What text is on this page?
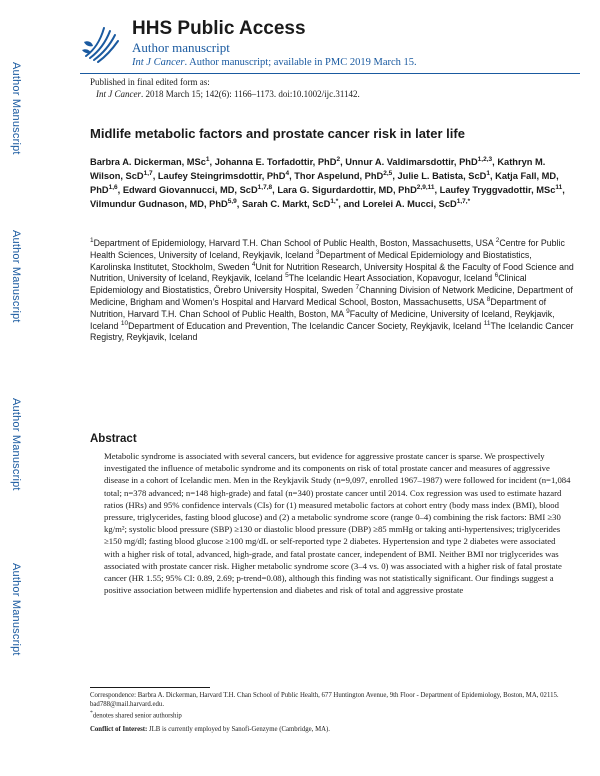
Author Manuscript
Author Manuscript
Author Manuscript
Author Manuscript
HHS Public Access
Author manuscript
Int J Cancer. Author manuscript; available in PMC 2019 March 15.
Published in final edited form as:
Int J Cancer. 2018 March 15; 142(6): 1166–1173. doi:10.1002/ijc.31142.
Midlife metabolic factors and prostate cancer risk in later life
Barbra A. Dickerman, MSc$^1$, Johanna E. Torfadottir, PhD$^2$, Unnur A. Valdimarsdottir, PhD$^{1,2,3}$, Kathryn M. Wilson, ScD$^{1,7}$, Laufey Steingrimsdottir, PhD$^4$, Thor Aspelund, PhD$^{2,5}$, Julie L. Batista, ScD$^1$, Katja Fall, MD, PhD$^{1,6}$, Edward Giovannucci, MD, ScD$^{1,7,8}$, Lara G. Sigurdardottir, MD, PhD$^{2,9,11}$, Laufey Tryggvadottir, MSc$^{11}$, Vilmundur Gudnason, MD, PhD$^{5,9}$, Sarah C. Markt, ScD$^{1,*}$, and Lorelei A. Mucci, ScD$^{1,7,*}$
$^1$Department of Epidemiology, Harvard T.H. Chan School of Public Health, Boston, Massachusetts, USA $^2$Centre for Public Health Sciences, University of Iceland, Reykjavik, Iceland $^3$Department of Medical Epidemiology and Biostatistics, Karolinska Institutet, Stockholm, Sweden $^4$Unit for Nutrition Research, University Hospital & the Faculty of Food Science and Nutrition, University of Iceland, Reykjavik, Iceland $^5$The Icelandic Heart Association, Kopavogur, Iceland $^6$Clinical Epidemiology and Biostatistics, Örebro University Hospital, Sweden $^7$Channing Division of Network Medicine, Department of Medicine, Brigham and Women’s Hospital and Harvard Medical School, Boston, Massachusetts, USA $^8$Department of Nutrition, Harvard T.H. Chan School of Public Health, Boston, MA $^9$Faculty of Medicine, University of Iceland, Reykjavik, Iceland $^{10}$Department of Education and Prevention, The Icelandic Cancer Society, Reykjavik, Iceland $^{11}$The Icelandic Cancer Registry, Reykjavik, Iceland
Abstract
Metabolic syndrome is associated with several cancers, but evidence for aggressive prostate cancer is sparse. We prospectively investigated the influence of metabolic syndrome and its components on risk of total prostate cancer and measures of aggressive disease in a cohort of Icelandic men. Men in the Reykjavik Study (n=9,097, enrolled 1967–1987) were followed for incident (n=1,084 total; n=378 advanced; n=148 high-grade) and fatal (n=340) prostate cancer until 2014. Cox regression was used to estimate hazard ratios (HRs) and 95% confidence intervals (CIs) for (1) measured metabolic factors at cohort entry (body mass index (BMI), blood pressure, triglycerides, fasting blood glucose) and (2) a metabolic syndrome score (range 0–4) combining the risk factors: BMI ≥30 kg/m²; systolic blood pressure (SBP) ≥130 or diastolic blood pressure (DBP) ≥85 mmHg or taking anti-hypertensives; triglycerides ≥150 mg/dl; fasting blood glucose ≥100 mg/dL or self-reported type 2 diabetes. Hypertension and type 2 diabetes were associated with a higher risk of total, advanced, high-grade, and fatal prostate cancer, independent of BMI. Neither BMI nor triglycerides was associated with prostate cancer risk. Higher metabolic syndrome score (3–4 vs. 0) was associated with a higher risk of fatal prostate cancer (HR 1.55; 95% CI: 0.89, 2.69; p-trend=0.08), although this finding was not statistically significant. Our findings suggest a positive association between midlife hypertension and diabetes and risk of total and aggressive prostate
Correspondence: Barbra A. Dickerman, Harvard T.H. Chan School of Public Health, 677 Huntington Avenue, 9th Floor - Department of Epidemiology, Boston, MA, 02115. bad788@mail.harvard.edu.
*denotes shared senior authorship
Conflict of Interest: JLB is currently employed by Sanofi-Genzyme (Cambridge, MA).
